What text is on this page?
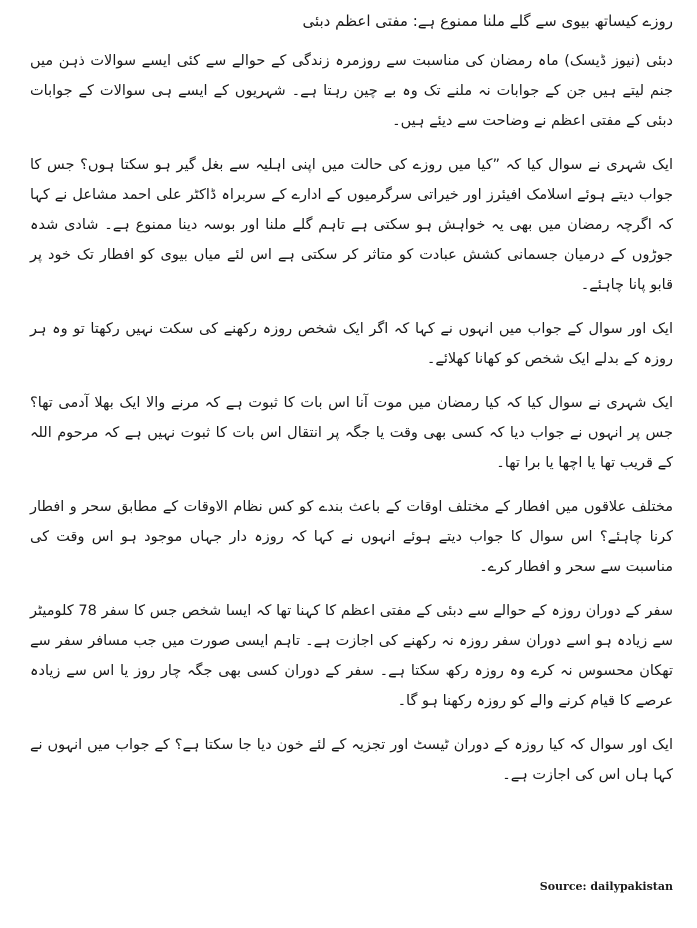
روزے کیساتھ بیوی سے گلے ملنا ممنوع ہے: مفتی اعظم دبئی

دبئی (نیوز ڈیسک) ماہ رمضان کی مناسبت سے روزمرہ زندگی کے حوالے سے کئی ایسے سوالات ذہن میں جنم لیتے ہیں جن کے جوابات نہ ملنے تک وہ بے چین رہتا ہے۔ شہریوں کے ایسے ہی سوالات کے جوابات دبئی کے مفتی اعظم نے وضاحت سے دیئے ہیں۔

ایک شہری نے سوال کیا کہ ”کیا میں روزے کی حالت میں اپنی اہلیہ سے بغل گیر ہو سکتا ہوں؟ جس کا جواب دیتے ہوئے اسلامک افیئرز اور خیراتی سرگرمیوں کے ادارے کے سربراہ ڈاکٹر علی احمد مشاعل نے کہا کہ اگرچہ رمضان میں بھی یہ خواہش ہو سکتی ہے تاہم گلے ملنا اور بوسہ دینا ممنوع ہے۔ شادی شدہ جوڑوں کے درمیان جسمانی کشش عبادت کو متاثر کر سکتی ہے اس لئے میاں بیوی کو افطار تک خود پر قابو پانا چاہئے۔

ایک اور سوال کے جواب میں انہوں نے کہا کہ اگر ایک شخص روزہ رکھنے کی سکت نہیں رکھتا تو وہ ہر روزہ کے بدلے ایک شخص کو کھانا کھلائے۔

ایک شہری نے سوال کیا کہ کیا رمضان میں موت آنا اس بات کا ثبوت ہے کہ مرنے والا ایک بھلا آدمی تھا؟ جس پر انہوں نے جواب دیا کہ کسی بھی وقت یا جگہ پر انتقال اس بات کا ثبوت نہیں ہے کہ مرحوم اللہ کے قریب تھا یا اچھا یا برا تھا۔

مختلف علاقوں میں افطار کے مختلف اوقات کے باعث بندے کو کس نظام الاوقات کے مطابق سحر و افطار کرنا چاہئے؟ اس سوال کا جواب دیتے ہوئے انہوں نے کہا کہ روزہ دار جہاں موجود ہو اس وقت کی مناسبت سے سحر و افطار کرے۔

سفر کے دوران روزہ کے حوالے سے دبئی کے مفتی اعظم کا کہنا تھا کہ ایسا شخص جس کا سفر 78 کلومیٹر سے زیادہ ہو اسے دوران سفر روزہ نہ رکھنے کی اجازت ہے۔ تاہم ایسی صورت میں جب مسافر سفر سے تھکان محسوس نہ کرے وہ روزہ رکھ سکتا ہے۔ سفر کے دوران کسی بھی جگہ چار روز یا اس سے زیادہ عرصے کا قیام کرنے والے کو روزہ رکھنا ہو گا۔

ایک اور سوال کہ کیا روزہ کے دوران ٹیسٹ اور تجزیہ کے لئے خون دیا جا سکتا ہے؟ کے جواب میں انہوں نے کہا ہاں اس کی اجازت ہے۔

Source: dailypakistan
